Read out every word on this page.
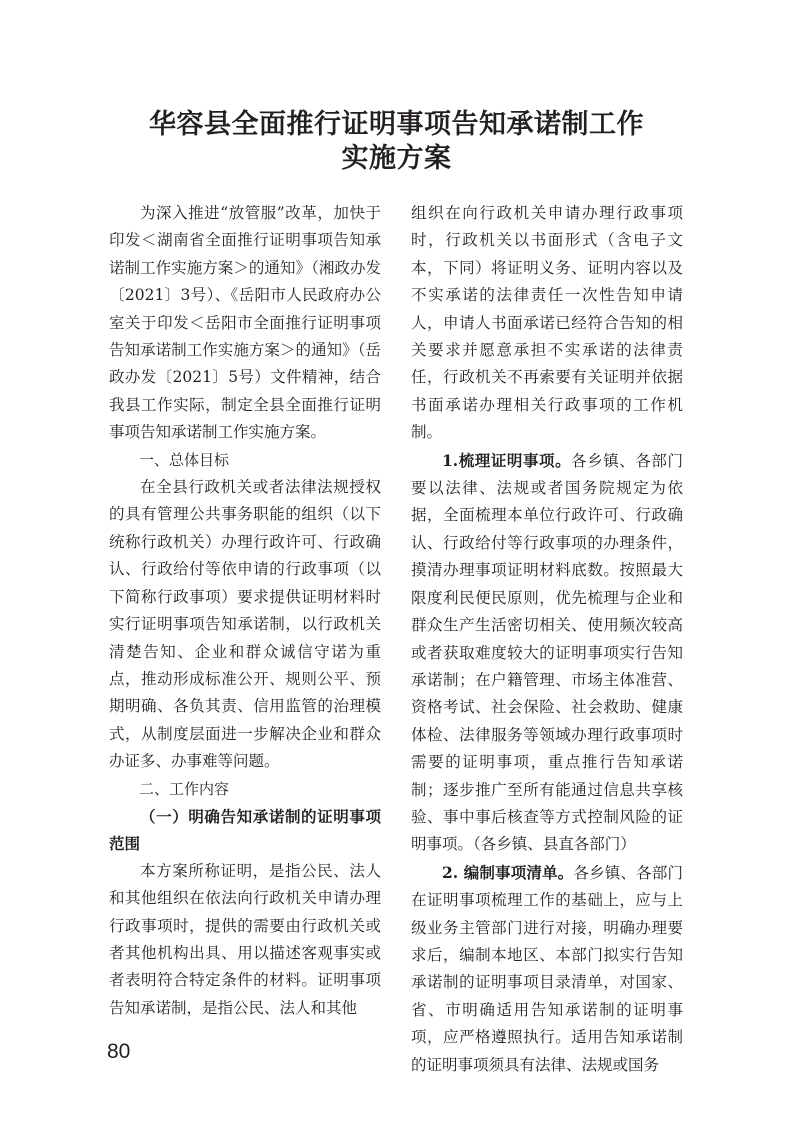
华容县全面推行证明事项告知承诺制工作
实施方案

为深入推进“放管服”改革，加快于印发＜湖南省全面推行证明事项告知承诺制工作实施方案＞的通知》（湘政办发〔2021〕3号）、《岳阳市人民政府办公室关于印发＜岳阳市全面推行证明事项告知承诺制工作实施方案＞的通知》（岳政办发〔2021〕5号）文件精神，结合我县工作实际，制定全县全面推行证明事项告知承诺制工作实施方案。

一、总体目标

在全县行政机关或者法律法规授权的具有管理公共事务职能的组织（以下统称行政机关）办理行政许可、行政确认、行政给付等依申请的行政事项（以下简称行政事项）要求提供证明材料时实行证明事项告知承诺制，以行政机关清楚告知、企业和群众诚信守诺为重点，推动形成标准公开、规则公平、预期明确、各负其责、信用监管的治理模式，从制度层面进一步解决企业和群众办证多、办事难等问题。

二、工作内容

（一）明确告知承诺制的证明事项范围

本方案所称证明，是指公民、法人和其他组织在依法向行政机关申请办理行政事项时，提供的需要由行政机关或者其他机构出具、用以描述客观事实或者表明符合特定条件的材料。证明事项告知承诺制，是指公民、法人和其他

组织在向行政机关申请办理行政事项时，行政机关以书面形式（含电子文本，下同）将证明义务、证明内容以及不实承诺的法律责任一次性告知申请人，申请人书面承诺已经符合告知的相关要求并愿意承担不实承诺的法律责任，行政机关不再索要有关证明并依据书面承诺办理相关行政事项的工作机制。

1.梳理证明事项。各乡镇、各部门要以法律、法规或者国务院规定为依据，全面梳理本单位行政许可、行政确认、行政给付等行政事项的办理条件，摸清办理事项证明材料底数。按照最大限度利民便民原则，优先梳理与企业和群众生产生活密切相关、使用频次较高或者获取难度较大的证明事项实行告知承诺制；在户籍管理、市场主体准营、资格考试、社会保险、社会救助、健康体检、法律服务等领域办理行政事项时需要的证明事项，重点推行告知承诺制；逐步推广至所有能通过信息共享核验、事中事后核查等方式控制风险的证明事项。（各乡镇、县直各部门）

2. 编制事项清单。各乡镇、各部门在证明事项梳理工作的基础上，应与上级业务主管部门进行对接，明确办理要求后，编制本地区、本部门拟实行告知承诺制的证明事项目录清单，对国家、省、市明确适用告知承诺制的证明事项，应严格遵照执行。适用告知承诺制的证明事项须具有法律、法规或国务

80
